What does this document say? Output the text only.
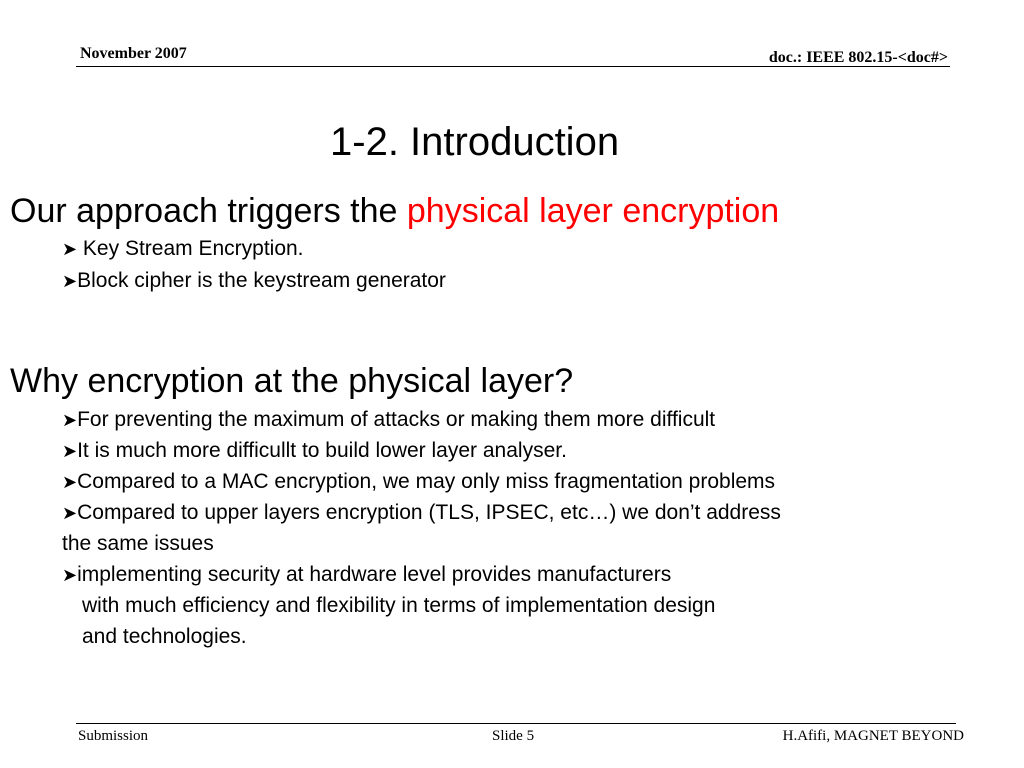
November 2007	doc.: IEEE 802.15-<doc#>
1-2. Introduction
Our approach triggers the physical layer encryption
➤ Key Stream Encryption.
➤Block cipher is the keystream generator
Why encryption at the physical layer?
➤For preventing the maximum of attacks or making them more difficult
➤It is much more difficullt to build lower layer analyser.
➤Compared to a MAC encryption, we may only miss fragmentation problems
➤Compared to upper layers encryption (TLS, IPSEC, etc…) we don’t address
the same issues
➤implementing security at hardware level provides manufacturers
with much efficiency and flexibility in terms of implementation design
and technologies.
Submission	Slide 5	H.Afifi, MAGNET BEYOND
